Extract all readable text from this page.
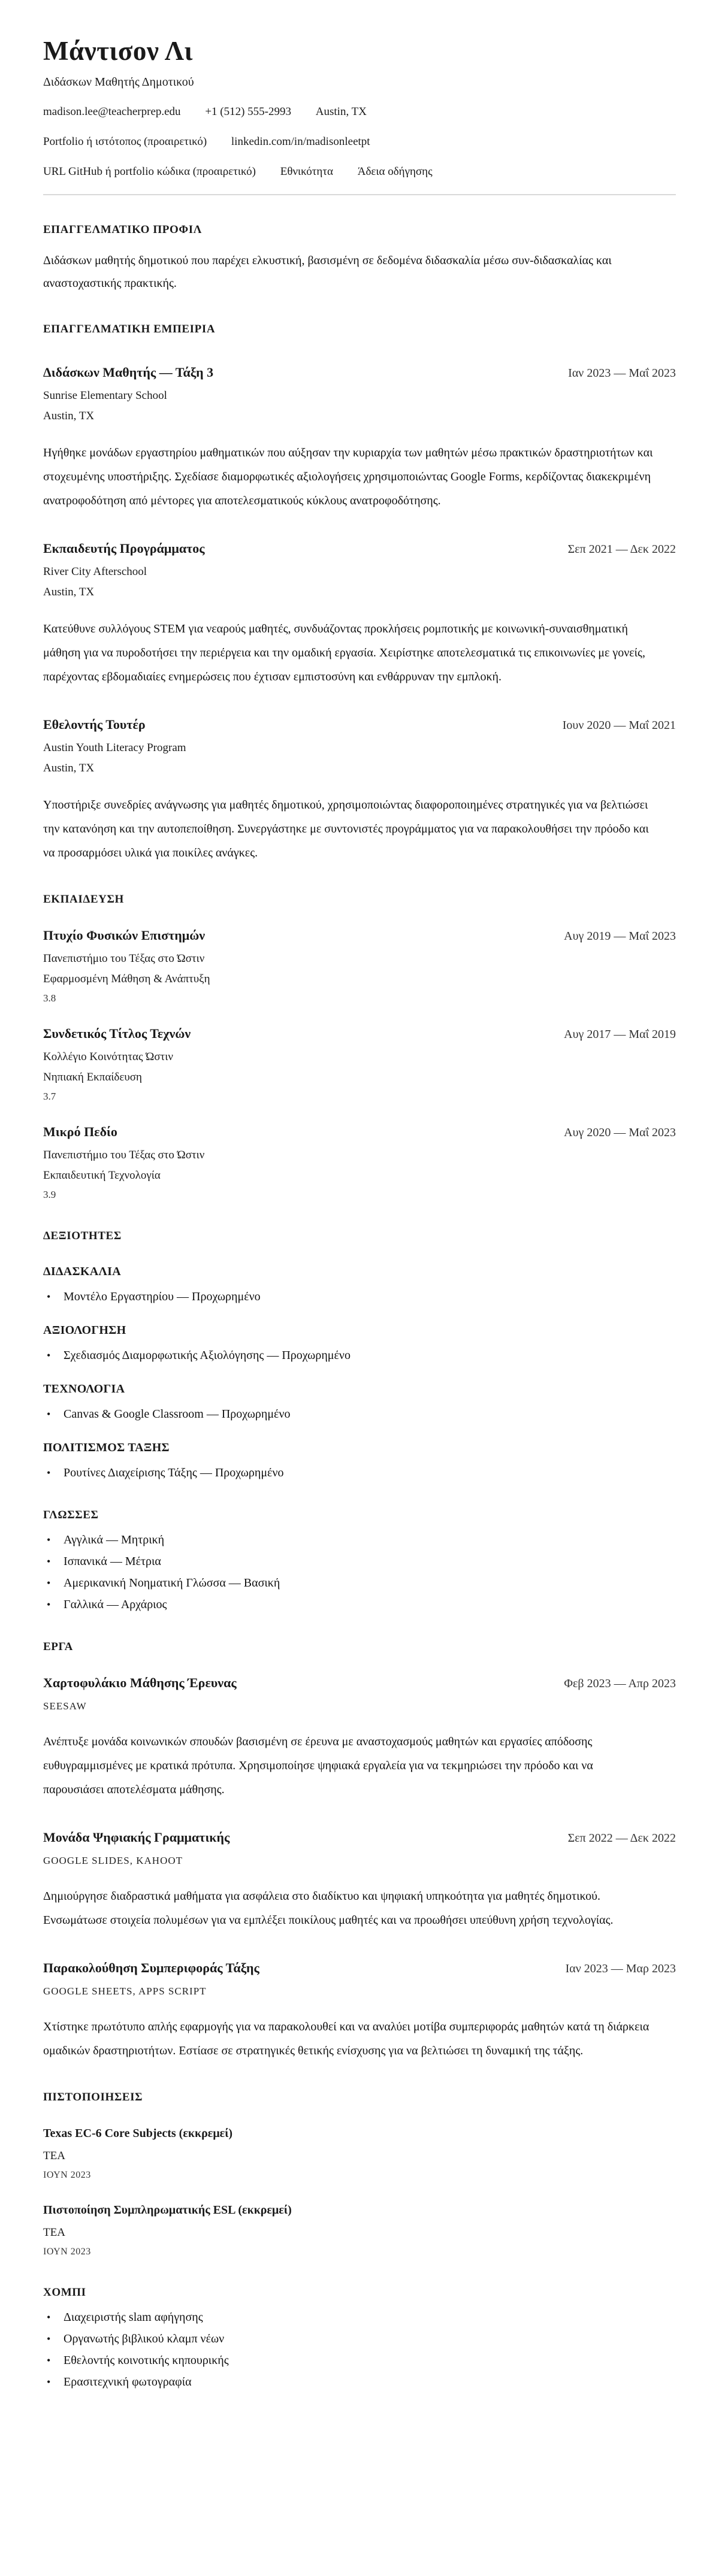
Μάντισον Λι
Διδάσκων Μαθητής Δημοτικού
madison.lee@teacherprep.edu +1 (512) 555-2993 Austin, TX
Portfolio ή ιστότοπος (προαιρετικό) linkedin.com/in/madisonleetpt
URL GitHub ή portfolio κώδικα (προαιρετικό) Εθνικότητα Άδεια οδήγησης
ΕΠΑΓΓΕΛΜΑΤΙΚΟ ΠΡΟΦΙΛ

Διδάσκων μαθητής δημοτικού που παρέχει ελκυστική, βασισμένη σε δεδομένα διδασκαλία μέσω συν-διδασκαλίας και αναστοχαστικής πρακτικής.

ΕΠΑΓΓΕΛΜΑΤΙΚΗ ΕΜΠΕΙΡΙΑ
Διδάσκων Μαθητής — Τάξη 3	Ιαν 2023 — Μαΐ 2023
Sunrise Elementary School
Austin, TX

Ηγήθηκε μονάδων εργαστηρίου μαθηματικών που αύξησαν την κυριαρχία των μαθητών μέσω πρακτικών δραστηριοτήτων και στοχευμένης υποστήριξης. Σχεδίασε διαμορφωτικές αξιολογήσεις χρησιμοποιώντας Google Forms, κερδίζοντας διακεκριμένη ανατροφοδότηση από μέντορες για αποτελεσματικούς κύκλους ανατροφοδότησης.

Εκπαιδευτής Προγράμματος	Σεπ 2021 — Δεκ 2022
River City Afterschool
Austin, TX

Κατεύθυνε συλλόγους STEM για νεαρούς μαθητές, συνδυάζοντας προκλήσεις ρομποτικής με κοινωνική-συναισθηματική μάθηση για να πυροδοτήσει την περιέργεια και την ομαδική εργασία. Χειρίστηκε αποτελεσματικά τις επικοινωνίες με γονείς, παρέχοντας εβδομαδιαίες ενημερώσεις που έχτισαν εμπιστοσύνη και ενθάρρυναν την εμπλοκή.

Εθελοντής Τουτέρ	Ιουν 2020 — Μαΐ 2021
Austin Youth Literacy Program
Austin, TX

Υποστήριξε συνεδρίες ανάγνωσης για μαθητές δημοτικού, χρησιμοποιώντας διαφοροποιημένες στρατηγικές για να βελτιώσει την κατανόηση και την αυτοπεποίθηση. Συνεργάστηκε με συντονιστές προγράμματος για να παρακολουθήσει την πρόοδο και να προσαρμόσει υλικά για ποικίλες ανάγκες.

ΕΚΠΑΙΔΕΥΣΗ
Πτυχίο Φυσικών Επιστημών	Αυγ 2019 — Μαΐ 2023
Πανεπιστήμιο του Τέξας στο Ώστιν
Εφαρμοσμένη Μάθηση & Ανάπτυξη
3.8
Συνδετικός Τίτλος Τεχνών	Αυγ 2017 — Μαΐ 2019
Κολλέγιο Κοινότητας Ώστιν
Νηπιακή Εκπαίδευση
3.7
Μικρό Πεδίο	Αυγ 2020 — Μαΐ 2023
Πανεπιστήμιο του Τέξας στο Ώστιν
Εκπαιδευτική Τεχνολογία
3.9
ΔΕΞΙΟΤΗΤΕΣ
ΔΙΔΑΣΚΑΛΙΑ
• Μοντέλο Εργαστηρίου — Προχωρημένο
ΑΞΙΟΛΟΓΗΣΗ
• Σχεδιασμός Διαμορφωτικής Αξιολόγησης — Προχωρημένο
ΤΕΧΝΟΛΟΓΙΑ
• Canvas & Google Classroom — Προχωρημένο
ΠΟΛΙΤΙΣΜΟΣ ΤΑΞΗΣ
• Ρουτίνες Διαχείρισης Τάξης — Προχωρημένο
ΓΛΩΣΣΕΣ
• Αγγλικά — Μητρική
• Ισπανικά — Μέτρια
• Αμερικανική Νοηματική Γλώσσα — Βασική
• Γαλλικά — Αρχάριος
ΕΡΓΑ
Χαρτοφυλάκιο Μάθησης Έρευνας	Φεβ 2023 — Απρ 2023
SEESAW

Ανέπτυξε μονάδα κοινωνικών σπουδών βασισμένη σε έρευνα με αναστοχασμούς μαθητών και εργασίες απόδοσης ευθυγραμμισμένες με κρατικά πρότυπα. Χρησιμοποίησε ψηφιακά εργαλεία για να τεκμηριώσει την πρόοδο και να παρουσιάσει αποτελέσματα μάθησης.

Μονάδα Ψηφιακής Γραμματικής	Σεπ 2022 — Δεκ 2022
GOOGLE SLIDES, KAHOOT

Δημιούργησε διαδραστικά μαθήματα για ασφάλεια στο διαδίκτυο και ψηφιακή υπηκοότητα για μαθητές δημοτικού. Ενσωμάτωσε στοιχεία πολυμέσων για να εμπλέξει ποικίλους μαθητές και να προωθήσει υπεύθυνη χρήση τεχνολογίας.

Παρακολούθηση Συμπεριφοράς Τάξης	Ιαν 2023 — Μαρ 2023
GOOGLE SHEETS, APPS SCRIPT

Χτίστηκε πρωτότυπο απλής εφαρμογής για να παρακολουθεί και να αναλύει μοτίβα συμπεριφοράς μαθητών κατά τη διάρκεια ομαδικών δραστηριοτήτων. Εστίασε σε στρατηγικές θετικής ενίσχυσης για να βελτιώσει τη δυναμική της τάξης.

ΠΙΣΤΟΠΟΙΗΣΕΙΣ
Texas EC-6 Core Subjects (εκκρεμεί)
TEA
ΙΟΥΝ 2023
Πιστοποίηση Συμπληρωματικής ESL (εκκρεμεί)
TEA
ΙΟΥΝ 2023
ΧΟΜΠΙ
• Διαχειριστής slam αφήγησης
• Οργανωτής βιβλικού κλαμπ νέων
• Εθελοντής κοινοτικής κηπουρικής
• Ερασιτεχνική φωτογραφία
